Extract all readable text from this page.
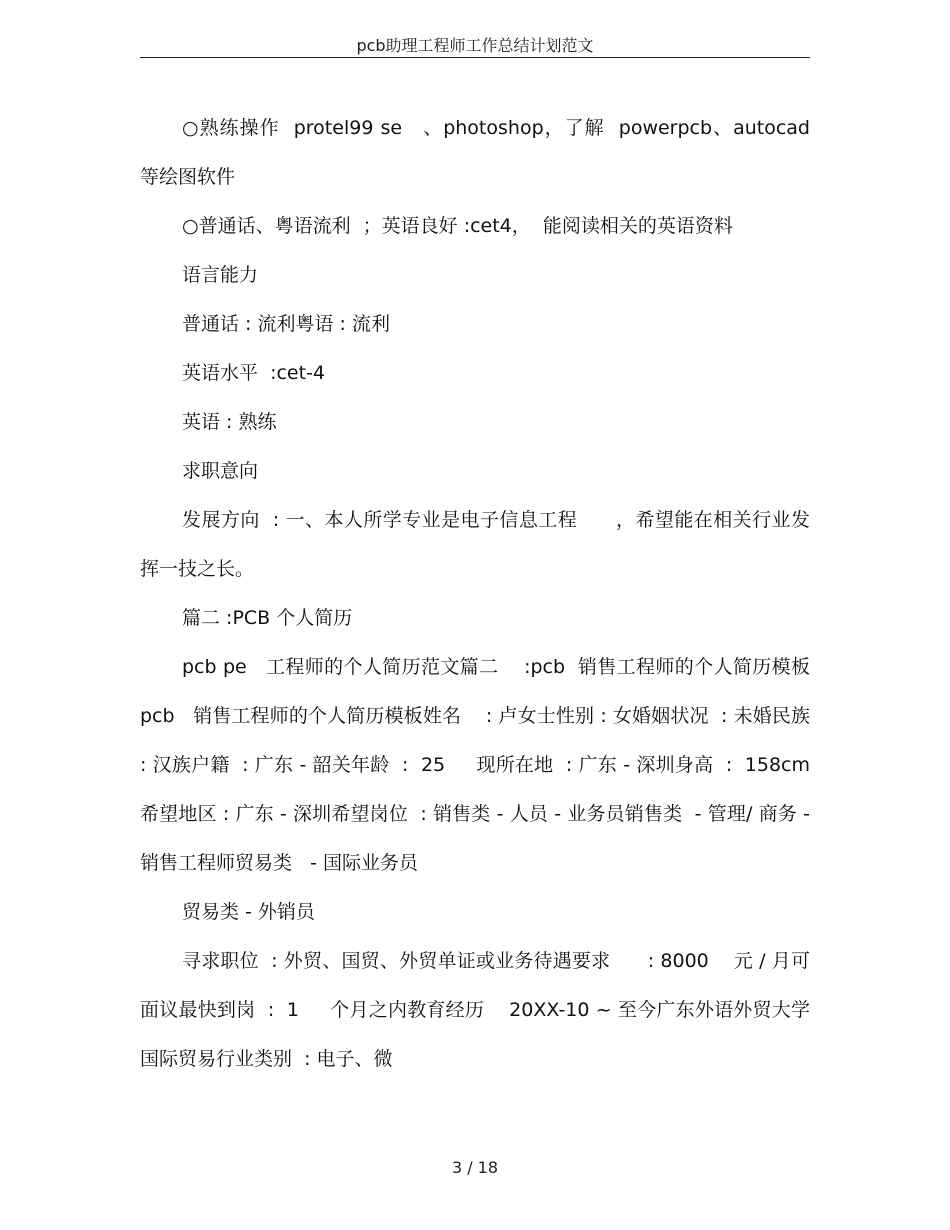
pcb助理工程师工作总结计划范文

○熟练操作  protel99 se   、photoshop，了解  powerpcb、autocad  等绘图软件

○普通话、粤语流利  ；英语良好 :cet4，  能阅读相关的英语资料

语言能力

普通话 : 流利粤语 : 流利

英语水平  :cet-4

英语 : 熟练

求职意向

发展方向  : 一、本人所学专业是电子信息工程      ，希望能在相关行业发挥一技之长。

篇二 :PCB 个人简历

pcb pe   工程师的个人简历范文篇二    :pcb  销售工程师的个人简历模板  pcb   销售工程师的个人简历模板姓名    : 卢女士性别 : 女婚姻状况  : 未婚民族 : 汉族户籍  : 广东 - 韶关年龄  :  25     现所在地  : 广东 - 深圳身高  :  158cm   希望地区 : 广东 - 深圳希望岗位  : 销售类 - 人员 - 业务员销售类  - 管理/ 商务 - 销售工程师贸易类   - 国际业务员

贸易类 - 外销员

寻求职位  : 外贸、国贸、外贸单证或业务待遇要求      : 8000    元 / 月可面议最快到岗  :  1     个月之内教育经历    20XX-10 ~ 至今广东外语外贸大学国际贸易行业类别  : 电子、微

3 / 18
